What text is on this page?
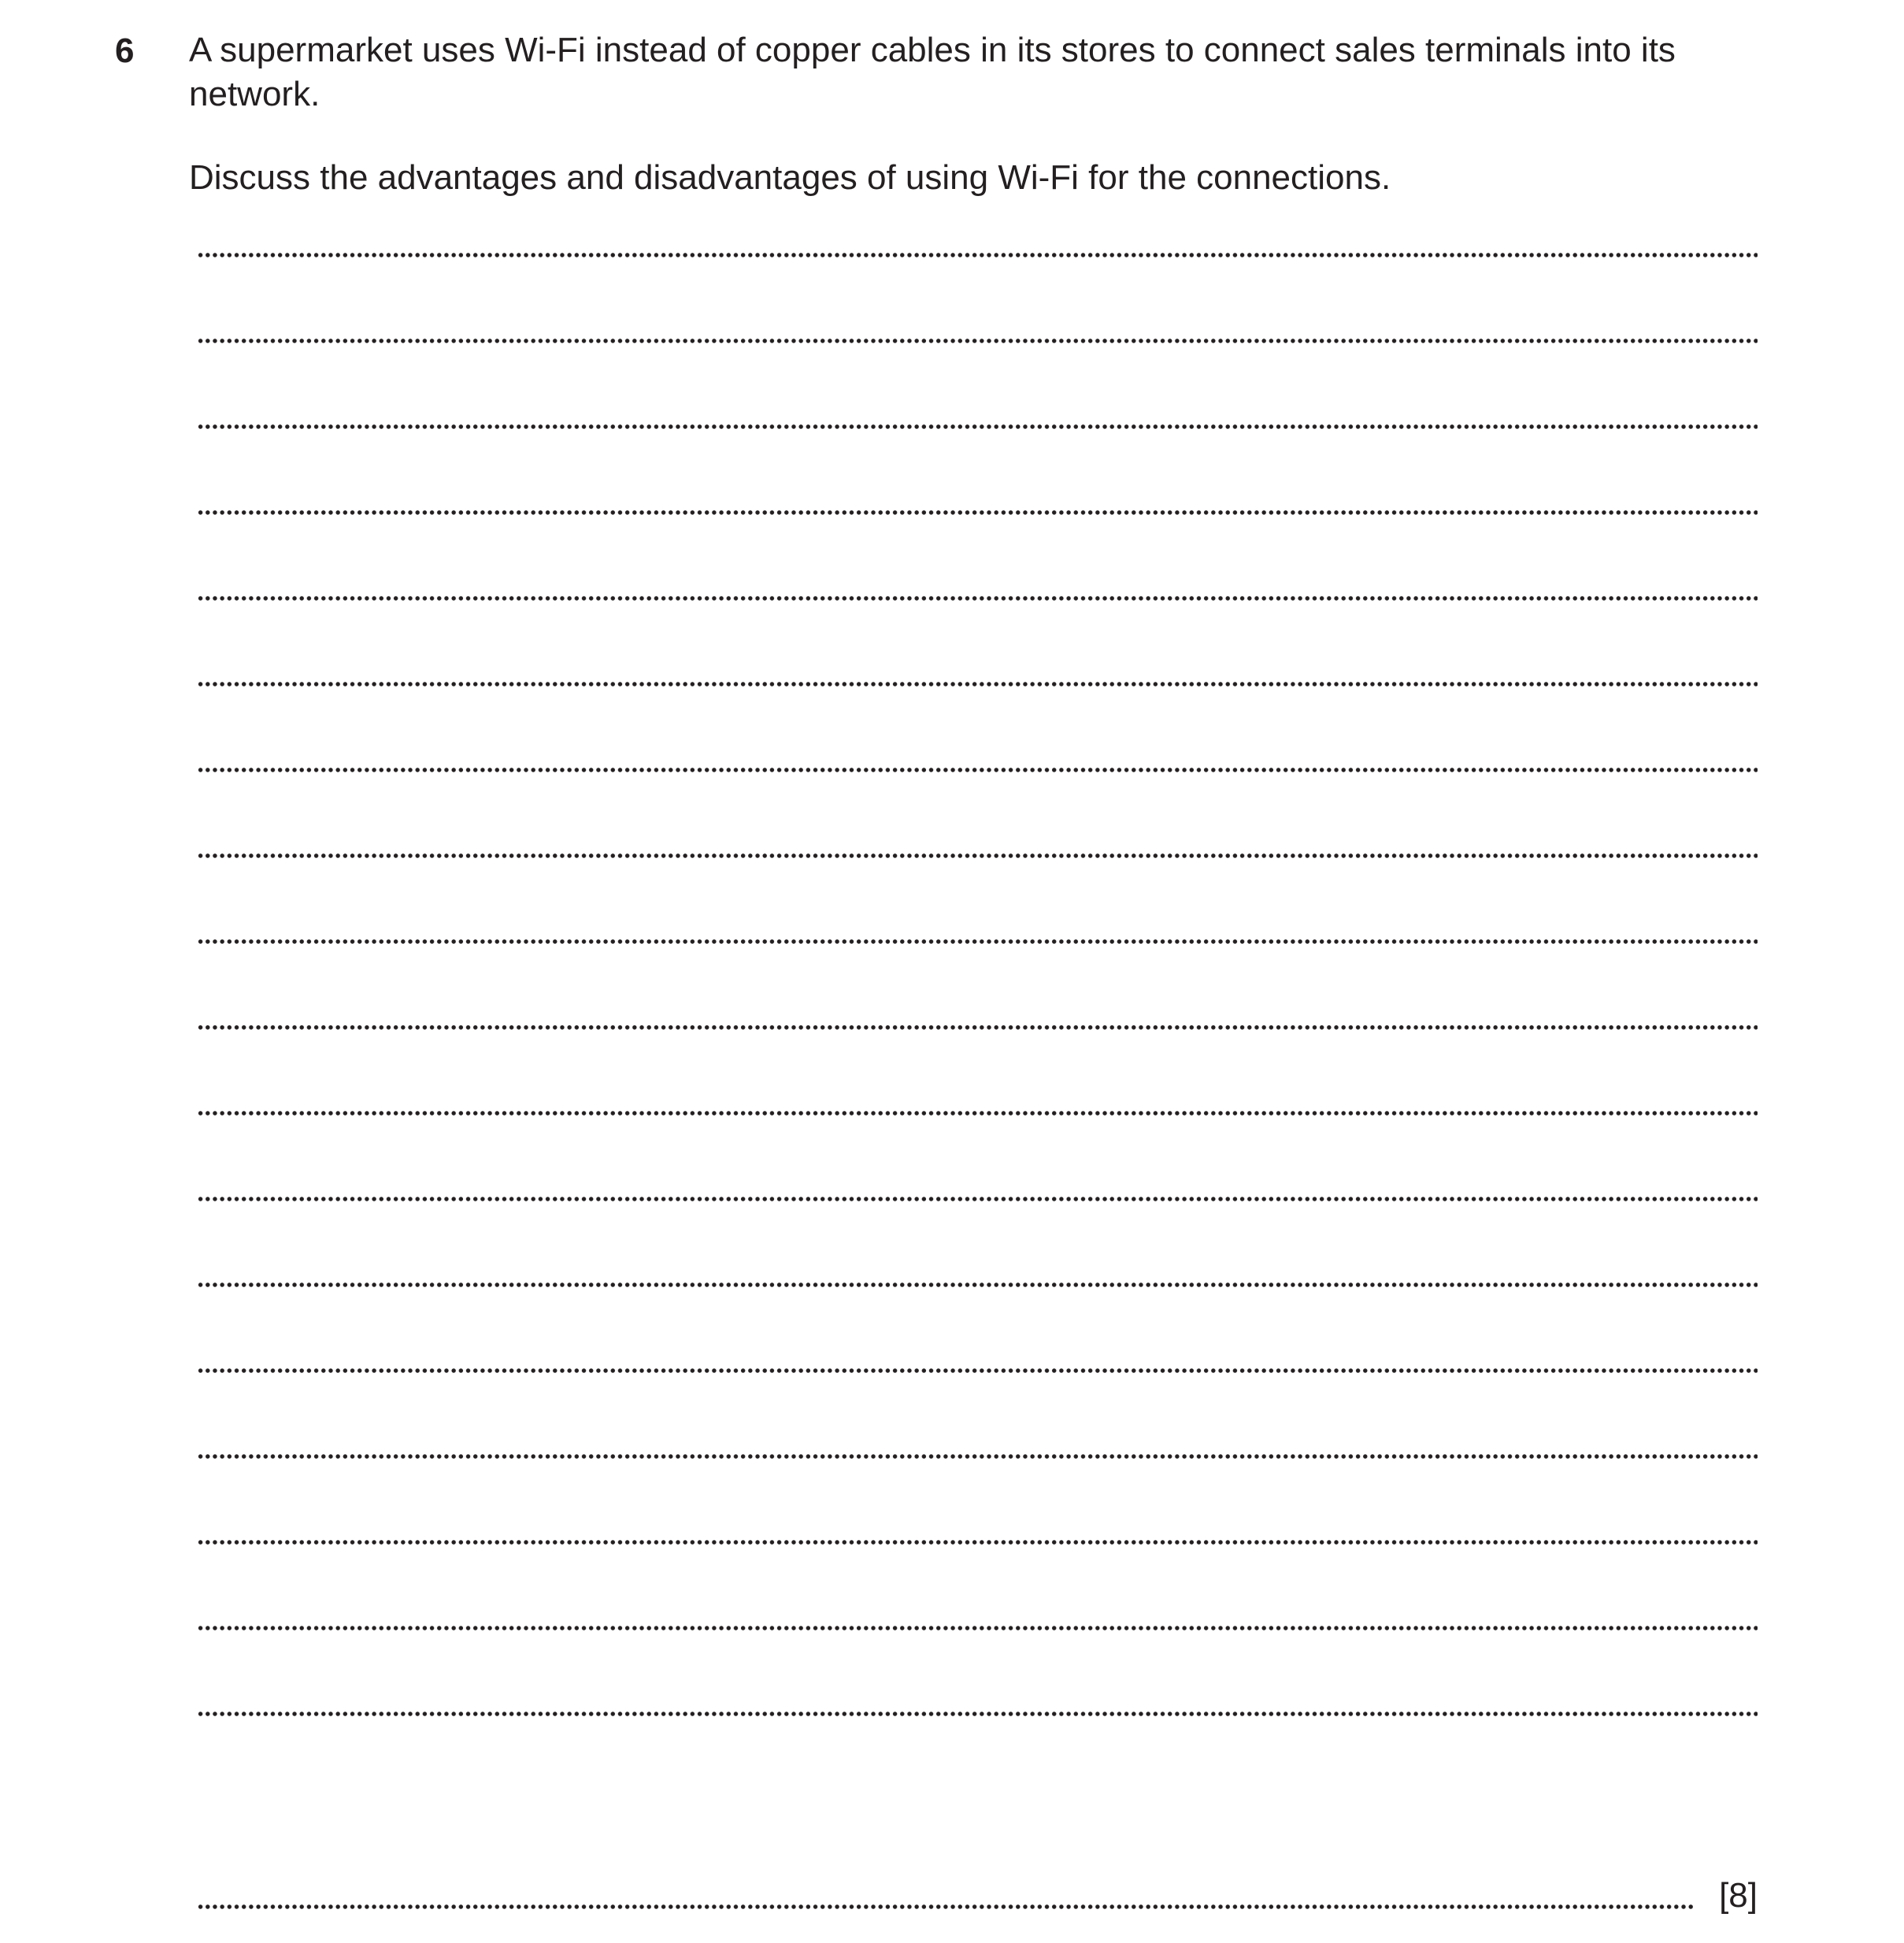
6 A supermarket uses Wi-Fi instead of copper cables in its stores to connect sales terminals into its network.

Discuss the advantages and disadvantages of using Wi-Fi for the connections.

[8]
